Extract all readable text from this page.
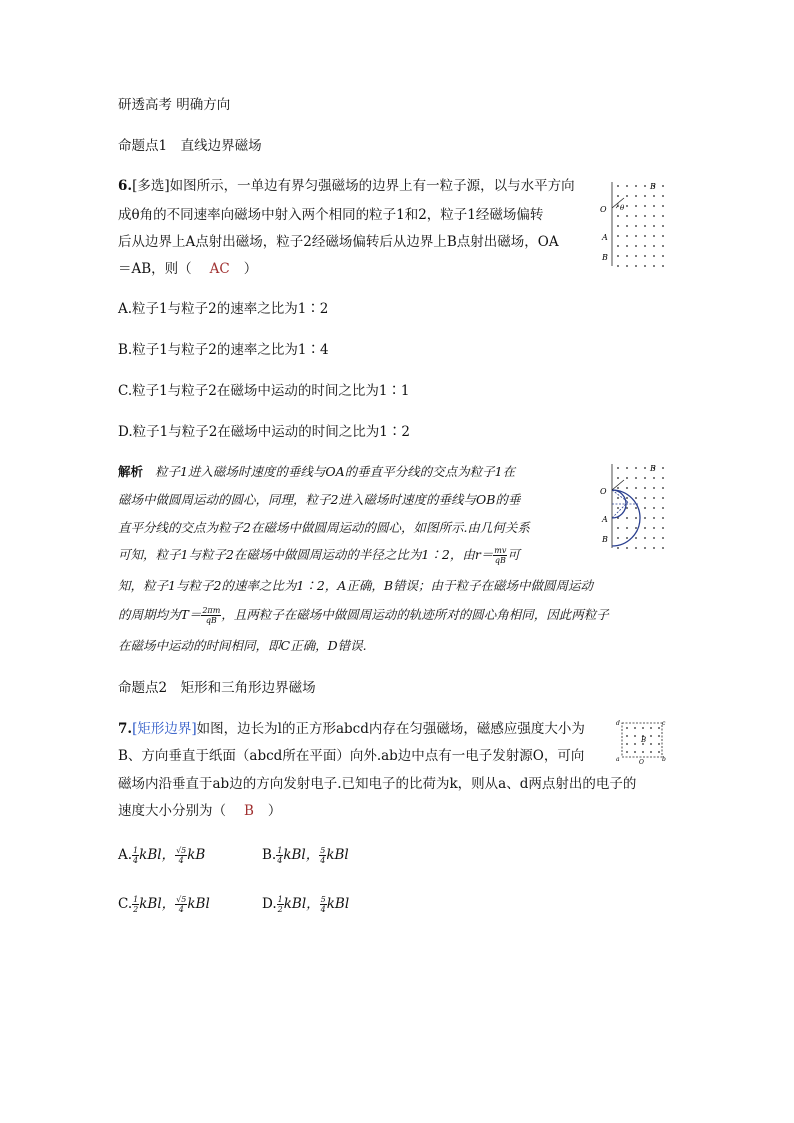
研透高考 明确方向
命题点1　直线边界磁场
6.[多选]如图所示，一单边有界匀强磁场的边界上有一粒子源，以与水平方向
成θ角的不同速率向磁场中射入两个相同的粒子1和2，粒子1经磁场偏转
后从边界上A点射出磁场，粒子2经磁场偏转后从边界上B点射出磁场，OA
＝AB，则（ AC ）
O θ
A
B
B
A.粒子1与粒子2的速率之比为1∶2
B.粒子1与粒子2的速率之比为1∶4
C.粒子1与粒子2在磁场中运动的时间之比为1∶1
D.粒子1与粒子2在磁场中运动的时间之比为1∶2
解析 粒子1进入磁场时速度的垂线与OA的垂直平分线的交点为粒子1在
磁场中做圆周运动的圆心，同理，粒子2进入磁场时速度的垂线与OB的垂
直平分线的交点为粒子2在磁场中做圆周运动的圆心，如图所示.由几何关系
可知，粒子1与粒子2在磁场中做圆周运动的半径之比为1∶2，由$r= \frac{mv}{qB}$ 可
知，粒子1与粒子2的速率之比为1∶2，A正确，B错误；由于粒子在磁场中做圆周运动
的周期均为$T= \frac{2\pi m}{qB}$ ，且两粒子在磁场中做圆周运动的轨迹所对的圆心角相同，因此两粒子
在磁场中运动的时间相同，即C正确，D错误.
O
A
B
B
命题点2　矩形和三角形边界磁场
7.[矩形边界]如图，边长为l的正方形abcd内存在匀强磁场，磁感应强度大小为
B、方向垂直于纸面（abcd所在平面）向外.ab边中点有一电子发射源O，可向
磁场内沿垂直于ab边的方向发射电子.已知电子的比荷为k，则从a、d两点射出的电子的
速度大小分别为（ B ）
d	c
a	b
O
B
A. $\frac{1}{4}$ kBl， $\frac{√5}{4}$ kB	B. $\frac{1}{4}$ kBl， $\frac{5}{4}$ kBl
C. $\frac{1}{2}$ kBl， $\frac{√5}{4}$ kBl	D. $\frac{1}{2}$ kBl， $\frac{5}{4}$ kBl
